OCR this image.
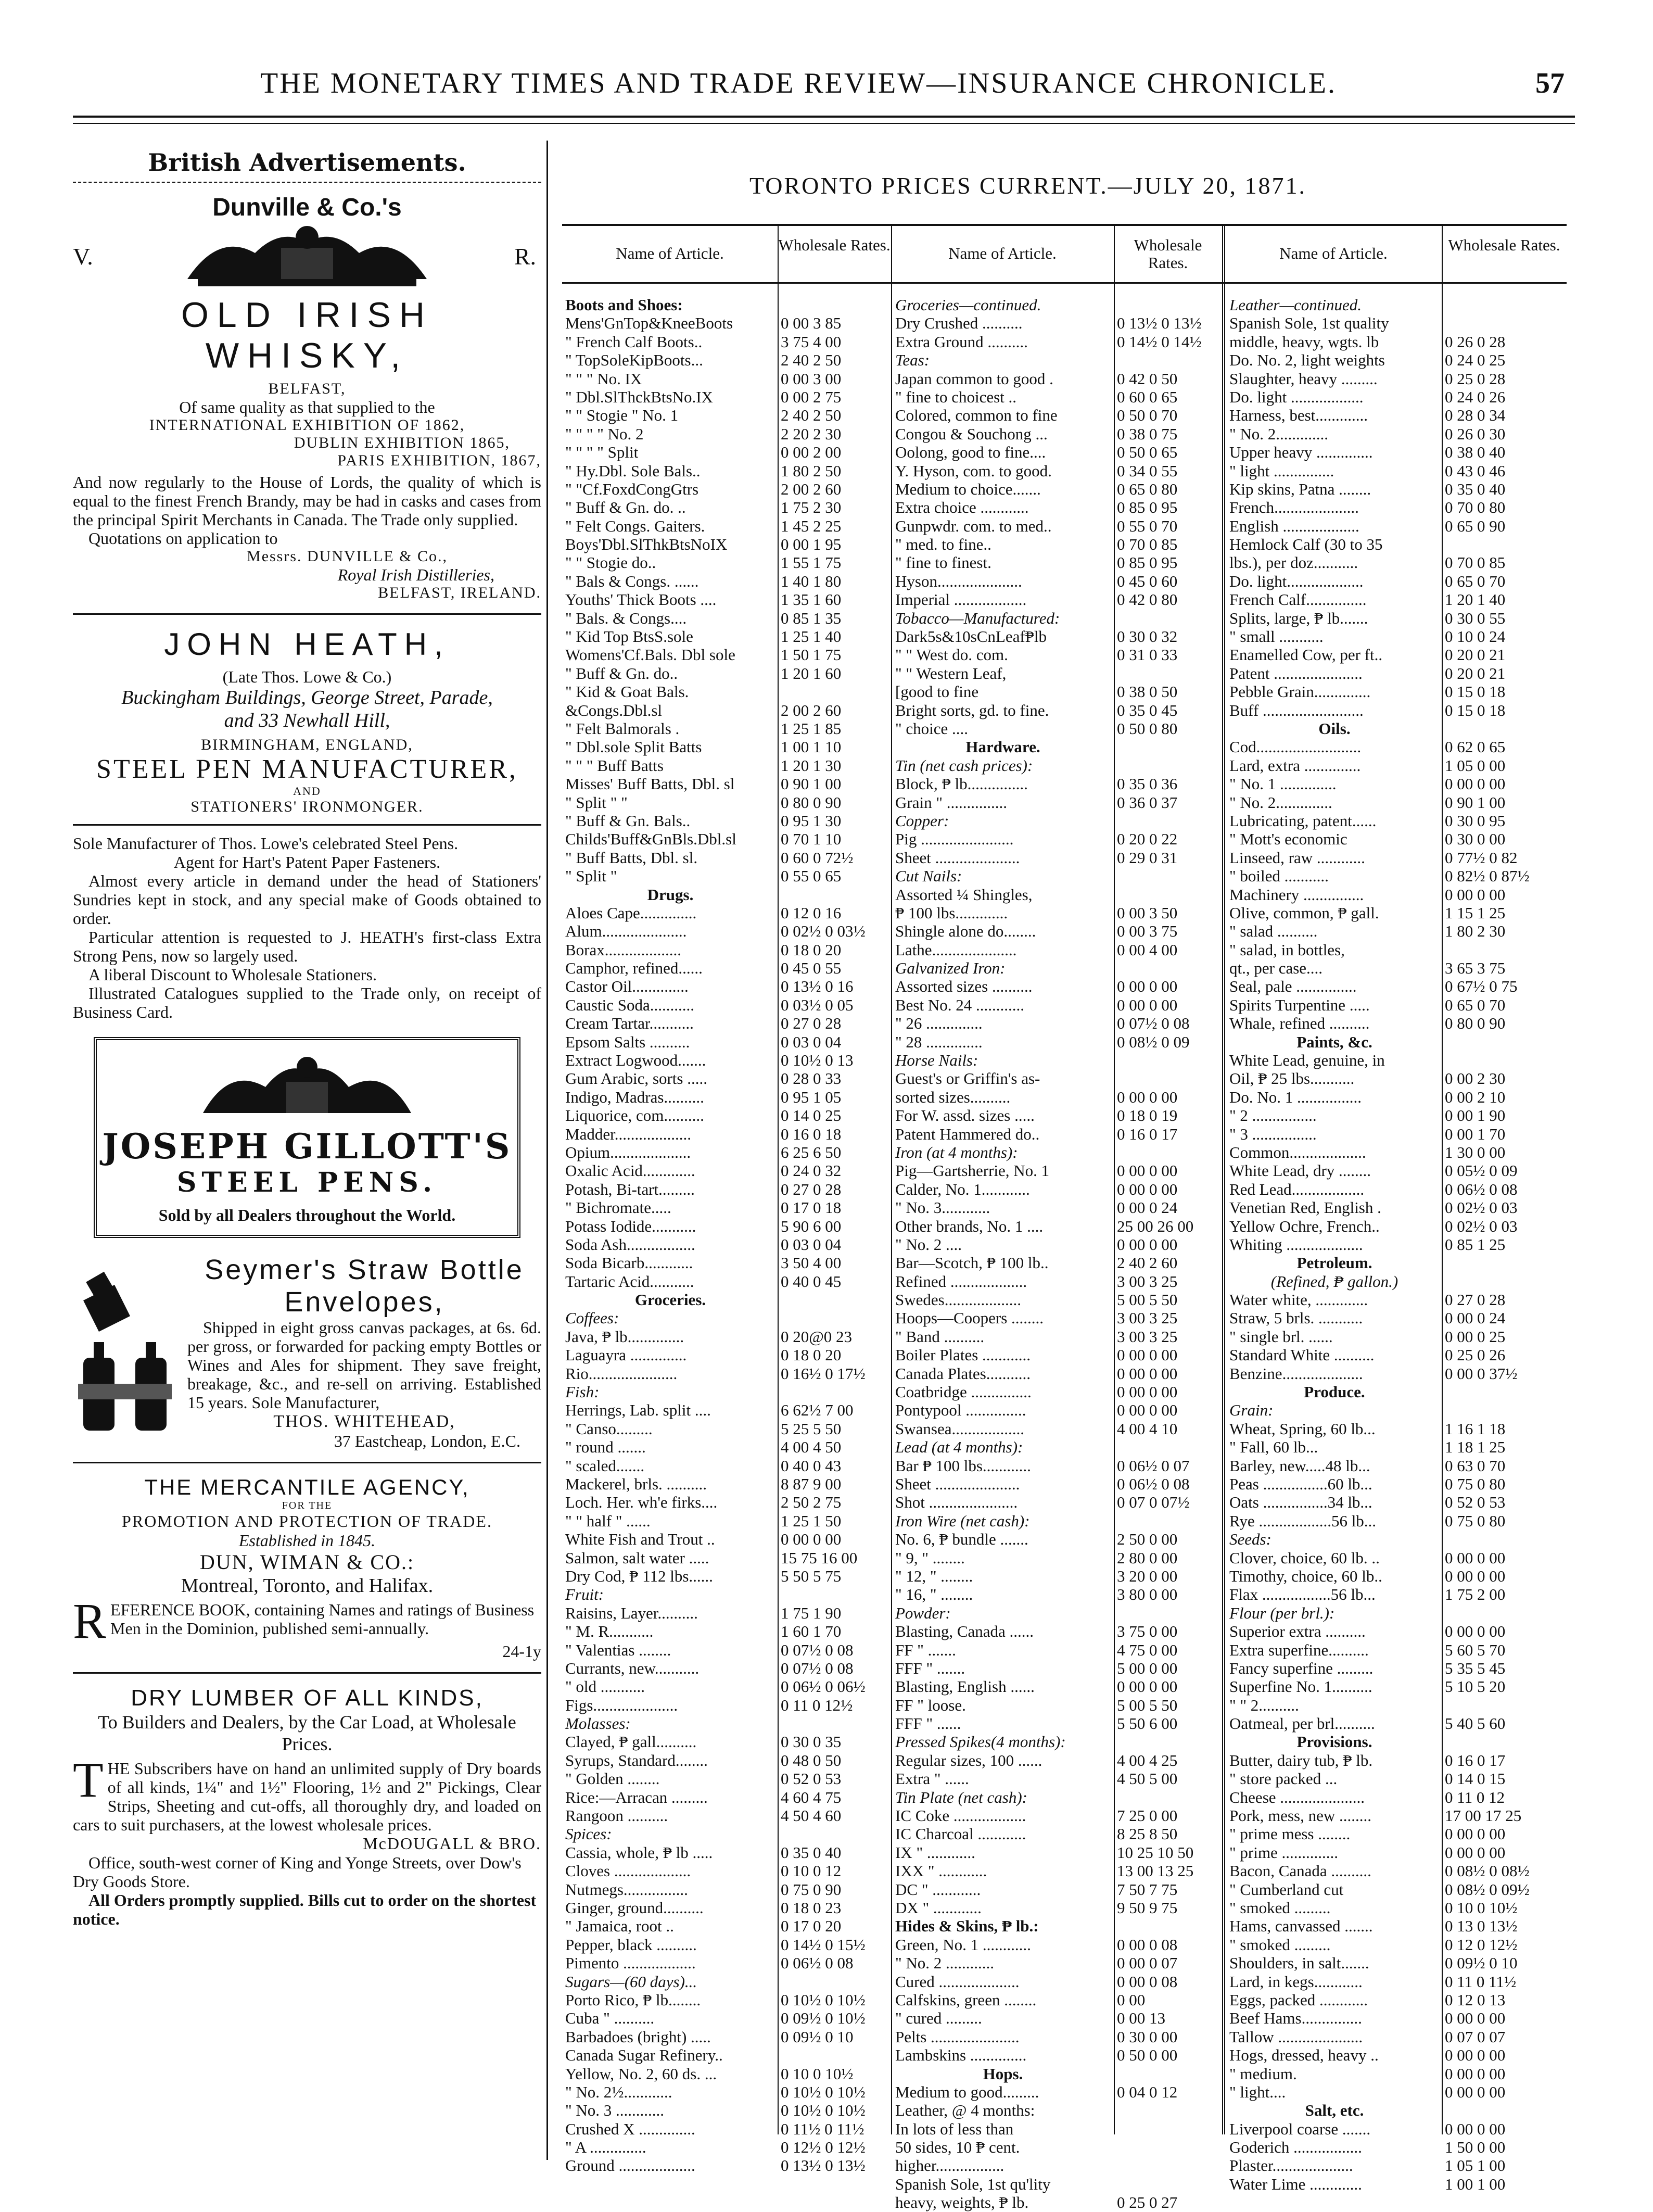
THE MONETARY TIMES AND TRADE REVIEW—INSURANCE CHRONICLE.	57
British Advertisements.
Dunville & Co.'s
V.	R.
OLD IRISH WHISKY,
BELFAST,
Of same quality as that supplied to the
INTERNATIONAL EXHIBITION OF 1862,
DUBLIN EXHIBITION 1865,
PARIS EXHIBITION, 1867,
And now regularly to the House of Lords, the quality of which is equal to the finest French Brandy, may be had in casks and cases from the principal Spirit Merchants in Canada. The Trade only supplied.
Quotations on application to
Messrs. DUNVILLE & Co.,
Royal Irish Distilleries,
BELFAST, IRELAND.
JOHN HEATH,
(Late Thos. Lowe & Co.)
Buckingham Buildings, George Street, Parade,
and 33 Newhall Hill,
BIRMINGHAM, ENGLAND,
STEEL PEN MANUFACTURER,
AND
STATIONERS' IRONMONGER.
Sole Manufacturer of Thos. Lowe's celebrated Steel Pens.
Agent for Hart's Patent Paper Fasteners.
Almost every article in demand under the head of Stationers' Sundries kept in stock, and any special make of Goods obtained to order.
Particular attention is requested to J. HEATH's first-class Extra Strong Pens, now so largely used.
A liberal Discount to Wholesale Stationers.
Illustrated Catalogues supplied to the Trade only, on receipt of Business Card.
JOSEPH GILLOTT'S
STEEL PENS.
Sold by all Dealers throughout the World.
Seymer's Straw Bottle
Envelopes,
Shipped in eight gross canvas packages, at 6s. 6d. per gross, or forwarded for packing empty Bottles or Wines and Ales for shipment. They save freight, breakage, &c., and re-sell on arriving. Established 15 years. Sole Manufacturer,
THOS. WHITEHEAD,
37 Eastcheap, London, E.C.
THE MERCANTILE AGENCY,
FOR THE
PROMOTION AND PROTECTION OF TRADE.
Established in 1845.
DUN, WIMAN & CO.:
Montreal, Toronto, and Halifax.
R EFERENCE BOOK, containing Names and ratings of Business Men in the Dominion, published semi-annually.
24-1y
DRY LUMBER OF ALL KINDS,
To Builders and Dealers, by the Car Load, at Wholesale Prices.
T HE Subscribers have on hand an unlimited supply of Dry boards of all kinds, 1¼" and 1½" Flooring, 1½ and 2" Pickings, Clear Strips, Sheeting and cut-offs, all thoroughly dry, and loaded on cars to suit purchasers, at the lowest wholesale prices.
McDOUGALL & BRO.
Office, south-west corner of King and Yonge Streets, over Dow's Dry Goods Store.
All Orders promptly supplied. Bills cut to order on the shortest notice.
TORONTO PRICES CURRENT.—JULY 20, 1871.
Name of Article.	Wholesale Rates.	Name of Article.	Wholesale Rates.
Name of Article.	Wholesale Rates.
Boots and Shoes:
Mens'GnTop&KneeBoots	0 00 3 85
" French Calf Boots..	3 75 4 00
" TopSoleKipBoots...	2 40 2 50
" " " No. IX	0 00 3 00
" Dbl.SlThckBtsNo.IX	0 00 2 75
" " Stogie " No. 1	2 40 2 50
" " " " No. 2	2 20 2 30
" " " " Split	0 00 2 00
" Hy.Dbl. Sole Bals..	1 80 2 50
" "Cf.FoxdCongGtrs	2 00 2 60
" Buff & Gn. do. ..	1 75 2 30
" Felt Congs. Gaiters.	1 45 2 25
Boys'Dbl.SlThkBtsNoIX	0 00 1 95
" " Stogie do..	1 55 1 75
" Bals & Congs. ......	1 40 1 80
Youths' Thick Boots ....	1 35 1 60
" Bals. & Congs....	0 85 1 35
" Kid Top BtsS.sole	1 25 1 40
Womens'Cf.Bals. Dbl sole	1 50 1 75
" Buff & Gn. do..	1 20 1 60
" Kid & Goat Bals.
&Congs.Dbl.sl	2 00 2 60
" Felt Balmorals .	1 25 1 85
" Dbl.sole Split Batts	1 00 1 10
" " " Buff Batts	1 20 1 30
Misses' Buff Batts, Dbl. sl	0 90 1 00
" Split " "	0 80 0 90
" Buff & Gn. Bals..	0 95 1 30
Childs'Buff&GnBls.Dbl.sl	0 70 1 10
" Buff Batts, Dbl. sl.	0 60 0 72½
" Split "	0 55 0 65
Drugs.
Aloes Cape..............	0 12 0 16
Alum.....................	0 02½ 0 03½
Borax...................	0 18 0 20
Camphor, refined......	0 45 0 55
Castor Oil..............	0 13½ 0 16
Caustic Soda...........	0 03½ 0 05
Cream Tartar...........	0 27 0 28
Epsom Salts ..........	0 03 0 04
Extract Logwood.......	0 10½ 0 13
Gum Arabic, sorts .....	0 28 0 33
Indigo, Madras..........	0 95 1 05
Liquorice, com..........	0 14 0 25
Madder...................	0 16 0 18
Opium....................	6 25 6 50
Oxalic Acid.............	0 24 0 32
Potash, Bi-tart.........	0 27 0 28
" Bichromate.....	0 17 0 18
Potass Iodide...........	5 90 6 00
Soda Ash.................	0 03 0 04
Soda Bicarb............	3 50 4 00
Tartaric Acid...........	0 40 0 45
Groceries.
Coffees:
Java, ₱ lb..............	0 20@0 23
Laguayra ..............	0 18 0 20
Rio......................	0 16½ 0 17½
Fish:
Herrings, Lab. split ....	6 62½ 7 00
" Canso.........	5 25 5 50
" round .......	4 00 4 50
" scaled.......	0 40 0 43
Mackerel, brls. ..........	8 87 9 00
Loch. Her. wh'e firks....	2 50 2 75
" " half " ......	1 25 1 50
White Fish and Trout ..	0 00 0 00
Salmon, salt water .....	15 75 16 00
Dry Cod, ₱ 112 lbs......	5 50 5 75
Fruit:
Raisins, Layer..........	1 75 1 90
" M. R...........	1 60 1 70
" Valentias ........	0 07½ 0 08
Currants, new...........	0 07½ 0 08
" old ...........	0 06½ 0 06½
Figs.....................	0 11 0 12½
Molasses:
Clayed, ₱ gall..........	0 30 0 35
Syrups, Standard........	0 48 0 50
" Golden ........	0 52 0 53
Rice:—Arracan .........	4 60 4 75
Rangoon ..........	4 50 4 60
Spices:
Cassia, whole, ₱ lb .....	0 35 0 40
Cloves ...................	0 10 0 12
Nutmegs................	0 75 0 90
Ginger, ground..........	0 18 0 23
" Jamaica, root ..	0 17 0 20
Pepper, black ..........	0 14½ 0 15½
Pimento ..................	0 06½ 0 08
Sugars—(60 days)...
Porto Rico, ₱ lb........	0 10½ 0 10½
Cuba " ..........	0 09½ 0 10½
Barbadoes (bright) .....	0 09½ 0 10
Canada Sugar Refinery..
Yellow, No. 2, 60 ds. ...	0 10 0 10½
" No. 2½............	0 10½ 0 10½
" No. 3 ............	0 10½ 0 10½
Crushed X ..............	0 11½ 0 11½
" A ..............	0 12½ 0 12½
Ground ...................	0 13½ 0 13½
Groceries—continued.
Dry Crushed ..........	0 13½ 0 13½
Extra Ground ..........	0 14½ 0 14½
Teas:
Japan common to good .	0 42 0 50
" fine to choicest ..	0 60 0 65
Colored, common to fine	0 50 0 70
Congou & Souchong ...	0 38 0 75
Oolong, good to fine....	0 50 0 65
Y. Hyson, com. to good.	0 34 0 55
Medium to choice.......	0 65 0 80
Extra choice ............	0 85 0 95
Gunpwdr. com. to med..	0 55 0 70
" med. to fine..	0 70 0 85
" fine to finest.	0 85 0 95
Hyson.....................	0 45 0 60
Imperial ..................	0 42 0 80
Tobacco—Manufactured:
Dark5s&10sCnLeaf₱lb	0 30 0 32
" " West do. com.	0 31 0 33
" " Western Leaf,
[good to fine	0 38 0 50
Bright sorts, gd. to fine.	0 35 0 45
" choice ....	0 50 0 80
Hardware.
Tin (net cash prices):
Block, ₱ lb...............	0 35 0 36
Grain " ...............	0 36 0 37
Copper:
Pig .......................	0 20 0 22
Sheet .....................	0 29 0 31
Cut Nails:
Assorted ¼ Shingles,
₱ 100 lbs.............	0 00 3 50
Shingle alone do........	0 00 3 75
Lathe.....................	0 00 4 00
Galvanized Iron:
Assorted sizes ..........	0 00 0 00
Best No. 24 ............	0 00 0 00
" 26 ..............	0 07½ 0 08
" 28 ..............	0 08½ 0 09
Horse Nails:
Guest's or Griffin's as-
sorted sizes..........	0 00 0 00
For W. assd. sizes .....	0 18 0 19
Patent Hammered do..	0 16 0 17
Iron (at 4 months):
Pig—Gartsherrie, No. 1	0 00 0 00
Calder, No. 1............	0 00 0 00
" No. 3............	0 00 0 24
Other brands, No. 1 ....	25 00 26 00
" No. 2 ....	0 00 0 00
Bar—Scotch, ₱ 100 lb..	2 40 2 60
Refined ...................	3 00 3 25
Swedes...................	5 00 5 50
Hoops—Coopers ........	3 00 3 25
" Band ..........	3 00 3 25
Boiler Plates ............	0 00 0 00
Canada Plates...........	0 00 0 00
Coatbridge ...............	0 00 0 00
Pontypool ...............	0 00 0 00
Swansea..................	4 00 4 10
Lead (at 4 months):
Bar ₱ 100 lbs............	0 06½ 0 07
Sheet .....................	0 06½ 0 08
Shot ......................	0 07 0 07½
Iron Wire (net cash):
No. 6, ₱ bundle .......	2 50 0 00
" 9, " ........	2 80 0 00
" 12, " ........	3 20 0 00
" 16, " ........	3 80 0 00
Powder:
Blasting, Canada ......	3 75 0 00
FF " .......	4 75 0 00
FFF " .......	5 00 0 00
Blasting, English ......	0 00 0 00
FF " loose.	5 00 5 50
FFF " ......	5 50 6 00
Pressed Spikes(4 months):
Regular sizes, 100 ......	4 00 4 25
Extra " ......	4 50 5 00
Tin Plate (net cash):
IC Coke ..................	7 25 0 00
IC Charcoal ............	8 25 8 50
IX " ............	10 25 10 50
IXX " ............	13 00 13 25
DC " ............	7 50 7 75
DX " ............	9 50 9 75
Hides & Skins, ₱ lb.:
Green, No. 1 ............	0 00 0 08
" No. 2 ............	0 00 0 07
Cured ....................	0 00 0 08
Calfskins, green ........	0 00
" cured .........	0 00 13
Pelts ......................	0 30 0 00
Lambskins ..............	0 50 0 00
Hops.
Medium to good.........	0 04 0 12
Leather, @ 4 months:
In lots of less than
50 sides, 10 ₱ cent.
higher.................
Spanish Sole, 1st qu'lity
heavy, weights, ₱ lb.	0 25 0 27
Leather—continued.
Spanish Sole, 1st quality
middle, heavy, wgts. lb	0 26 0 28
Do. No. 2, light weights	0 24 0 25
Slaughter, heavy .........	0 25 0 28
Do. light ..................	0 24 0 26
Harness, best.............	0 28 0 34
" No. 2.............	0 26 0 30
Upper heavy ..............	0 38 0 40
" light ...............	0 43 0 46
Kip skins, Patna ........	0 35 0 40
French.....................	0 70 0 80
English ...................	0 65 0 90
Hemlock Calf (30 to 35
lbs.), per doz...........	0 70 0 85
Do. light...................	0 65 0 70
French Calf...............	1 20 1 40
Splits, large, ₱ lb.......	0 30 0 55
" small ...........	0 10 0 24
Enamelled Cow, per ft..	0 20 0 21
Patent ......................	0 20 0 21
Pebble Grain..............	0 15 0 18
Buff .........................	0 15 0 18
Oils.
Cod..........................	0 62 0 65
Lard, extra ..............	1 05 0 00
" No. 1 ..............	0 00 0 00
" No. 2..............	0 90 1 00
Lubricating, patent......	0 30 0 95
" Mott's economic	0 30 0 00
Linseed, raw ............	0 77½ 0 82
" boiled ...........	0 82½ 0 87½
Machinery ...............	0 00 0 00
Olive, common, ₱ gall.	1 15 1 25
" salad ..........	1 80 2 30
" salad, in bottles,
qt., per case....	3 65 3 75
Seal, pale ...............	0 67½ 0 75
Spirits Turpentine .....	0 65 0 70
Whale, refined ..........	0 80 0 90
Paints, &c.
White Lead, genuine, in
Oil, ₱ 25 lbs...........	0 00 2 30
Do. No. 1 ................	0 00 2 10
" 2 ................	0 00 1 90
" 3 ................	0 00 1 70
Common...................	1 30 0 00
White Lead, dry ........	0 05½ 0 09
Red Lead..................	0 06½ 0 08
Venetian Red, English .	0 02½ 0 03
Yellow Ochre, French..	0 02½ 0 03
Whiting ...................	0 85 1 25
Petroleum.
(Refined, ₱ gallon.)
Water white, .............	0 27 0 28
Straw, 5 brls. ...........	0 00 0 24
" single brl. ......	0 00 0 25
Standard White ..........	0 25 0 26
Benzine....................	0 00 0 37½
Produce.
Grain:
Wheat, Spring, 60 lb...	1 16 1 18
" Fall, 60 lb...	1 18 1 25
Barley, new.....48 lb...	0 63 0 70
Peas ................60 lb...	0 75 0 80
Oats ................34 lb...	0 52 0 53
Rye ..................56 lb...	0 75 0 80
Seeds:
Clover, choice, 60 lb. ..	0 00 0 00
Timothy, choice, 60 lb..	0 00 0 00
Flax .................56 lb...	1 75 2 00
Flour (per brl.):
Superior extra ..........	0 00 0 00
Extra superfine..........	5 60 5 70
Fancy superfine .........	5 35 5 45
Superfine No. 1..........	5 10 5 20
" " 2..........
Oatmeal, per brl..........	5 40 5 60
Provisions.
Butter, dairy tub, ₱ lb.	0 16 0 17
" store packed ...	0 14 0 15
Cheese .....................	0 11 0 12
Pork, mess, new ........	17 00 17 25
" prime mess ........	0 00 0 00
" prime ..............	0 00 0 00
Bacon, Canada ..........	0 08½ 0 08½
" Cumberland cut	0 08½ 0 09½
" smoked .........	0 10 0 10½
Hams, canvassed .......	0 13 0 13½
" smoked .........	0 12 0 12½
Shoulders, in salt.......	0 09½ 0 10
Lard, in kegs............	0 11 0 11½
Eggs, packed ............	0 12 0 13
Beef Hams...............	0 00 0 00
Tallow .....................	0 07 0 07
Hogs, dressed, heavy ..	0 00 0 00
" medium.	0 00 0 00
" light....	0 00 0 00
Salt, etc.
Liverpool coarse .......	0 00 0 00
Goderich .................	1 50 0 00
Plaster....................	1 05 1 00
Water Lime .............	1 00 1 00
